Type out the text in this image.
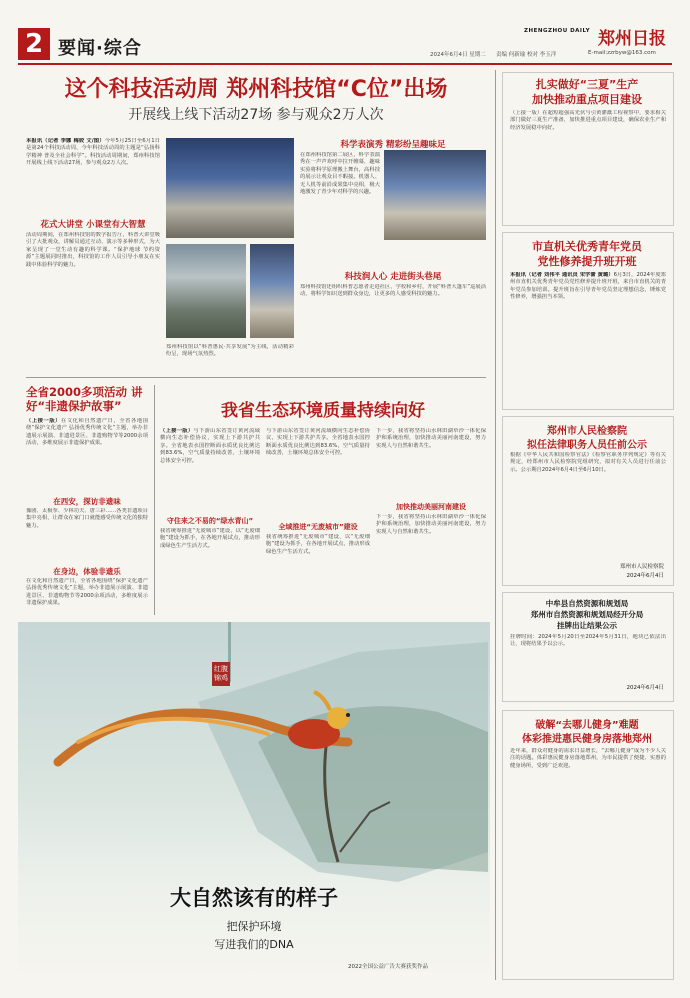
2 要闻·综合
ZHENGZHOU DAILY 郑州日报
2024年6月4日 星期二 责编 何新瑜 校对 李玉洋	E-mail:zzrbyw@163.com
这个科技活动周 郑州科技馆“C位”出场
开展线上线下活动27场 参与观众2万人次
本报讯（记者 李娜 梅姣 文/图）今年5月25日至6月1日是第24个科技活动周，今年科技活动周的主题是“弘扬科学精神 普及全社会科学”。科技活动周期间，郑州科技馆开展线上线下活动27场，参与观众2万人次。
花式大讲堂 小课堂有大智慧
活动周期间，在郑州科技馆的数字报告厅，科普大讲堂吸引了大批观众，讲解员通过互动、演示等多种形式，为大家呈现了一堂生动有趣的科学课。“保护地球 节约资源”主题展同时推出，科技馆的工作人员引导小朋友在实践中体验科学的魅力。
郑州科技馆以“科普惠民·共享发展”为主线，活动精彩纷呈，现场气氛热烈。
科学表演秀 精彩纷呈趣味足
在郑州科技馆第二展区，科学表演秀在一声声欢呼中拉开帷幕，趣味实验将科学原理搬上舞台，高科技的展示让观众目不暇接。机器人、无人机等前沿成果集中亮相，极大地激发了青少年对科学的兴趣。
科技润人心 走进街头巷尾
郑州科技馆还组织科普志愿者走进社区、学校和乡村，开展“科普大篷车”巡展活动，将科学知识送到群众身边，让更多的人感受科技的魅力。
全省2000多项活动 讲好“非遗保护故事”
（上接一版）在文化和自然遗产日，全省各地围绕“保护文化遗产 弘扬优秀传统文化”主题，举办非遗展示展演、非遗进景区、非遗购物节等2000余项活动，多维度展示非遗保护成果。
在西安，探访非遗味
豫剧、太极拳、少林功夫、唐三彩……各类非遗项目集中亮相，让群众在家门口就能感受传统文化的独特魅力。
在身边，体验非遗乐
在文化和自然遗产日，全省各地围绕“保护文化遗产 弘扬优秀传统文化”主题，举办非遗展示展演、非遗进景区、非遗购物节等2000余项活动，多维度展示非遗保护成果。
我省生态环境质量持续向好
（上接一版）与下游山东省签订黄河流域横向生态补偿协议，实现上下游共护共享。全省地表水国控断面水质优良比例达到83.6%，空气质量持续改善，土壤环境总体安全可控。
守住来之不易的“绿水青山”
我省统筹推进“无废城市”建设，以“无废细胞”建设为抓手，在各地开展试点，推动形成绿色生产生活方式。
与下游山东省签订黄河流域横向生态补偿协议，实现上下游共护共享。全省地表水国控断面水质优良比例达到83.6%，空气质量持续改善，土壤环境总体安全可控。
全域推进“无废城市”建设
我省统筹推进“无废城市”建设，以“无废细胞”建设为抓手，在各地开展试点，推动形成绿色生产生活方式。
下一步，我省将坚持山水林田湖草沙一体化保护和系统治理，加快推动美丽河南建设，努力实现人与自然和谐共生。
加快推动美丽河南建设
下一步，我省将坚持山水林田湖草沙一体化保护和系统治理，加快推动美丽河南建设，努力实现人与自然和谐共生。
红腹锦鸡
大自然该有的样子
把保护环境
写进我们的DNA
2022全国公益广告大赛获奖作品
扎实做好“三夏”生产
加快推动重点项目建设
（上接一版）在超短超强高光伏与引黄灌溉工程视察中，要求相关部门做好三夏生产准备，加快推进重点项目建设，确保农业生产和经济发展稳中向好。
市直机关优秀青年党员
党性修养提升班开班
本报讯（记者 刘伟平 通讯员 宋学蕾 黄璐）6月3日，2024年度郑州市直机关优秀青年党员党性修养提升班开班，来自市直机关的青年党员参加培训。提升班旨在引导青年党员坚定理想信念，锤炼党性修养，增强担当本领。
郑州市人民检察院
拟任法律职务人员任前公示
根据《中华人民共和国检察官法》《检察官职务序列规定》等有关规定，经郑州市人民检察院党组研究，拟对有关人员进行任前公示。公示期自2024年6月4日至6月10日。
郑州市人民检察院
2024年6月4日
中牟县自然资源和规划局
郑州市自然资源和规划局经开分局
挂牌出让结果公示
挂牌时间：2024年5月20日至2024年5月31日，地块已依法出让，现将结果予以公示。
2024年6月4日
破解“去哪儿健身”难题
体彩推进惠民健身房落地郑州
近年来，群众对健身的需求日益增长，“去哪儿健身”成为不少人关注的话题。体彩惠民健身房落地郑州，为市民提供了便捷、实惠的健身场所，受到广泛欢迎。
